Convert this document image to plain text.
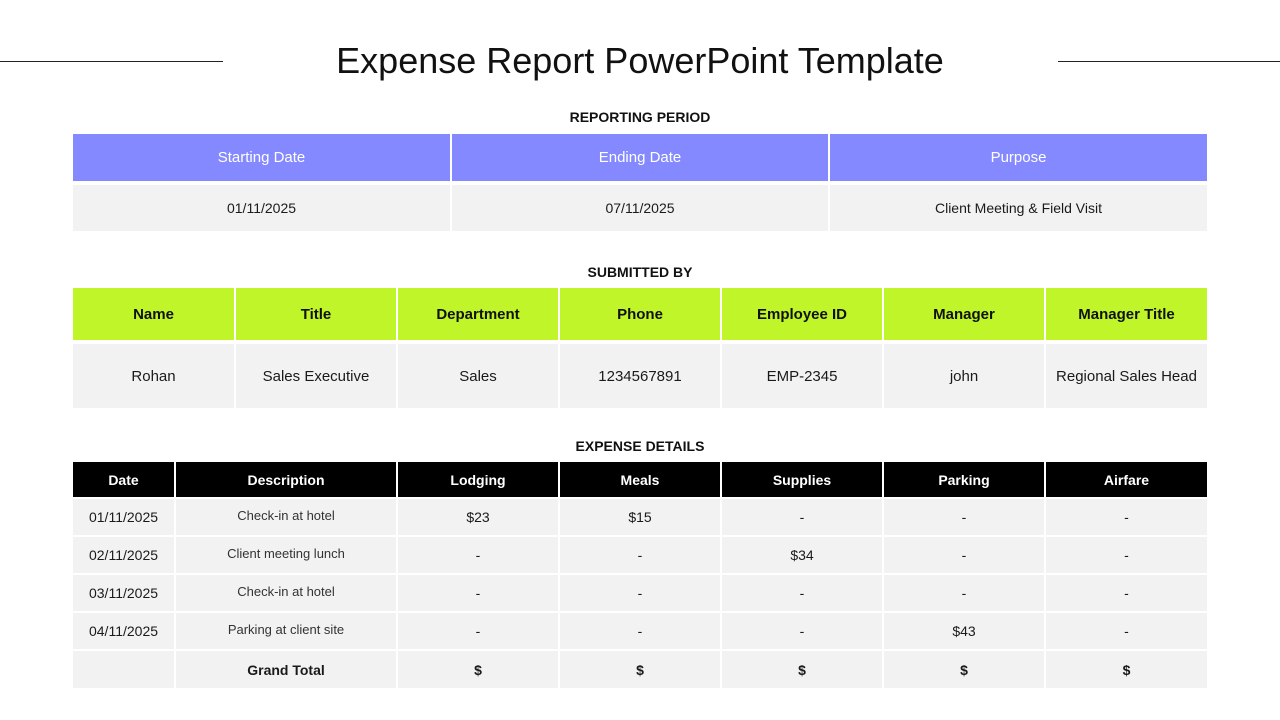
Expense Report PowerPoint Template
REPORTING PERIOD
Starting Date	Ending Date	Purpose
01/11/2025	07/11/2025	Client Meeting & Field Visit
SUBMITTED BY
Name	Title	Department	Phone	Employee ID	Manager	Manager Title
Rohan	Sales Executive	Sales	1234567891	EMP-2345	john	Regional Sales Head
EXPENSE DETAILS
Date	Description	Lodging	Meals	Supplies	Parking	Airfare
01/11/2025	Check-in at hotel	$23	$15	-	-	-
02/11/2025	Client meeting lunch	-	-	$34	-	-
03/11/2025	Check-in at hotel	-	-	-	-	-
04/11/2025	Parking at client site	-	-	-	$43	-
	Grand Total	$	$	$	$	$
